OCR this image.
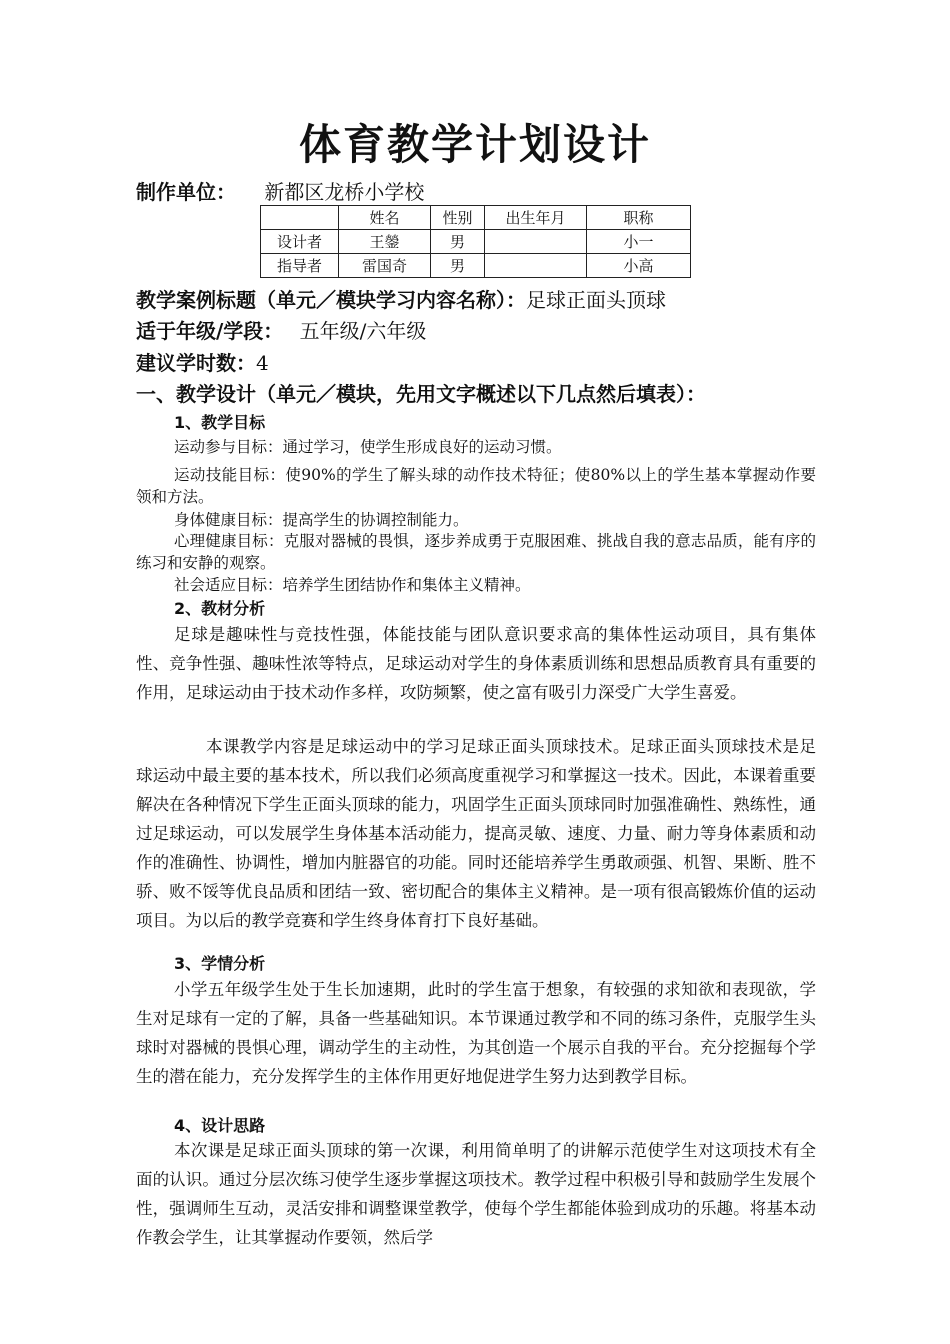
体育教学计划设计
制作单位： 新都区龙桥小学校
	姓名	性别	出生年月	职称
设计者	王鎣	男		小一
指导者	雷国奇	男		小高
教学案例标题（单元／模块学习内容名称）：足球正面头顶球
适于年级/学段： 五年级/六年级
建议学时数：4
一、教学设计（单元／模块，先用文字概述以下几点然后填表）：
1、教学目标
运动参与目标：通过学习，使学生形成良好的运动习惯。
运动技能目标：使90%的学生了解头球的动作技术特征；使80%以上的学生基本掌握动作要领和方法。
身体健康目标：提高学生的协调控制能力。
心理健康目标：克服对器械的畏惧，逐步养成勇于克服困难、挑战自我的意志品质，能有序的练习和安静的观察。
社会适应目标：培养学生团结协作和集体主义精神。
2、教材分析
足球是趣味性与竞技性强，体能技能与团队意识要求高的集体性运动项目，具有集体性、竞争性强、趣味性浓等特点，足球运动对学生的身体素质训练和思想品质教育具有重要的作用，足球运动由于技术动作多样，攻防频繁，使之富有吸引力深受广大学生喜爱。
本课教学内容是足球运动中的学习足球正面头顶球技术。足球正面头顶球技术是足球运动中最主要的基本技术，所以我们必须高度重视学习和掌握这一技术。因此，本课着重要解决在各种情况下学生正面头顶球的能力，巩固学生正面头顶球同时加强准确性、熟练性，通过足球运动，可以发展学生身体基本活动能力，提高灵敏、速度、力量、耐力等身体素质和动作的准确性、协调性，增加内脏器官的功能。同时还能培养学生勇敢顽强、机智、果断、胜不骄、败不馁等优良品质和团结一致、密切配合的集体主义精神。是一项有很高锻炼价值的运动项目。为以后的教学竞赛和学生终身体育打下良好基础。
3、学情分析
小学五年级学生处于生长加速期，此时的学生富于想象，有较强的求知欲和表现欲，学生对足球有一定的了解，具备一些基础知识。本节课通过教学和不同的练习条件，克服学生头球时对器械的畏惧心理，调动学生的主动性，为其创造一个展示自我的平台。充分挖掘每个学生的潜在能力，充分发挥学生的主体作用更好地促进学生努力达到教学目标。
4、设计思路
本次课是足球正面头顶球的第一次课，利用简单明了的讲解示范使学生对这项技术有全面的认识。通过分层次练习使学生逐步掌握这项技术。教学过程中积极引导和鼓励学生发展个性，强调师生互动，灵活安排和调整课堂教学，使每个学生都能体验到成功的乐趣。将基本动作教会学生，让其掌握动作要领，然后学
